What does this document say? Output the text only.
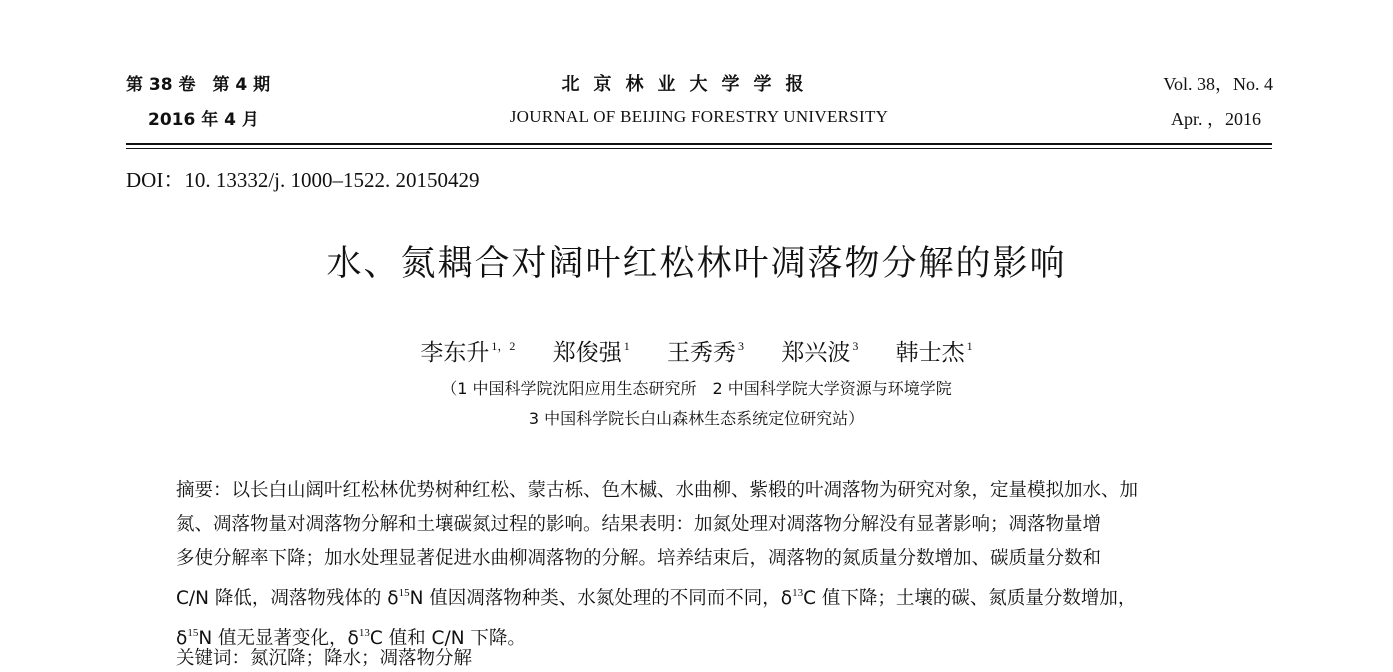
第 38 卷　第 4 期
2016 年 4 月
北京林业大学学报
JOURNAL OF BEIJING FORESTRY UNIVERSITY
Vol. 38，No. 4
Apr. ，2016
DOI：10. 13332/j. 1000–1522. 20150429
水、氮耦合对阔叶红松林叶凋落物分解的影响
李东升 $^{1,2}$ 郑俊强 $^1$ 王秀秀 $^3$ 郑兴波 $^3$ 韩士杰 $^1$
（1 中国科学院沈阳应用生态研究所　2 中国科学院大学资源与环境学院
3 中国科学院长白山森林生态系统定位研究站）
摘要：以长白山阔叶红松林优势树种红松、蒙古栎、色木槭、水曲柳、紫椴的叶凋落物为研究对象，定量模拟加水、加
氮、凋落物量对凋落物分解和土壤碳氮过程的影响。结果表明：加氮处理对凋落物分解没有显著影响；凋落物量增
多使分解率下降；加水处理显著促进水曲柳凋落物的分解。培养结束后，凋落物的氮质量分数增加、碳质量分数和
C/N 降低，凋落物残体的 $\delta^{15}N$ 值因凋落物种类、水氮处理的不同而不同，$\delta^{13}C$ 值下降；土壤的碳、氮质量分数增加，
$\delta^{15}N$ 值无显著变化，$\delta^{13}C$ 值和 C/N 下降。
关键词：氮沉降；降水；凋落物分解
